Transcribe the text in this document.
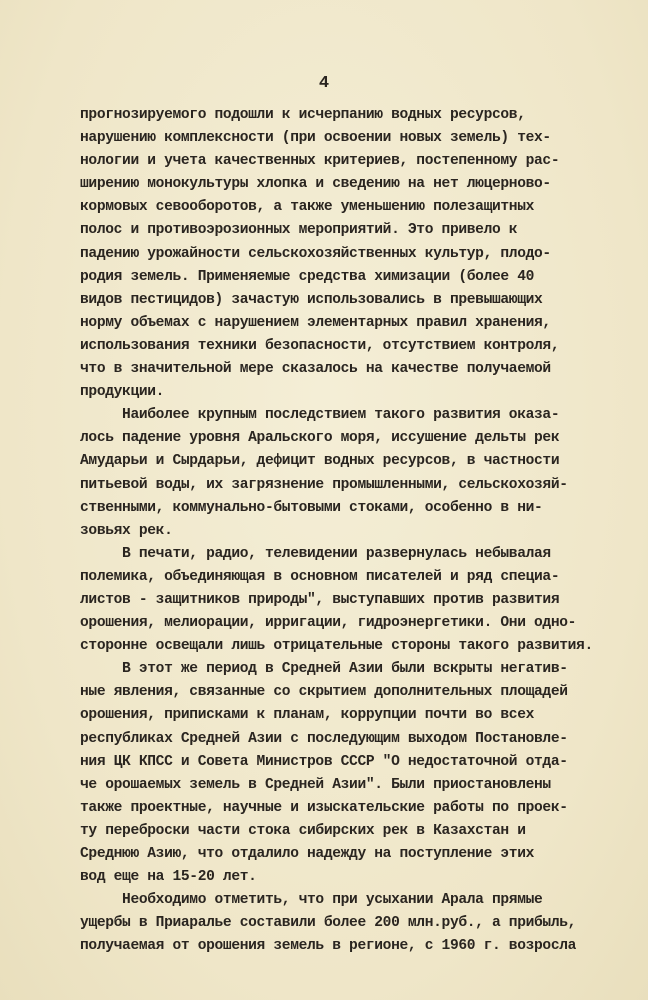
4
прогнозируемого подошли к исчерпанию водных ресурсов,
нарушению комплексности (при освоении новых земель) тех-
нологии и учета качественных критериев, постепенному рас-
ширению монокультуры хлопка и сведению на нет люцерново-
кормовых севооборотов, а также уменьшению полезащитных
полос и противоэрозионных мероприятий. Это привело к
падению урожайности сельскохозяйственных культур, плодо-
родия земель. Применяемые средства химизации (более 40
видов пестицидов) зачастую использовались в превышающих
норму объемах с нарушением элементарных правил хранения,
использования техники безопасности, отсутствием контроля,
что в значительной мере сказалось на качестве получаемой
продукции.
Наиболее крупным последствием такого развития оказа-
лось падение уровня Аральского моря, иссушение дельты рек
Амударьи и Сырдарьи, дефицит водных ресурсов, в частности
питьевой воды, их загрязнение промышленными, сельскохозяй-
ственными, коммунально-бытовыми стоками, особенно в ни-
зовьях рек.
В печати, радио, телевидении развернулась небывалая
полемика, объединяющая в основном писателей и ряд специа-
листов - защитников природы", выступавших против развития
орошения, мелиорации, ирригации, гидроэнергетики. Они одно-
сторонне освещали лишь отрицательные стороны такого развития.
В этот же период в Средней Азии были вскрыты негатив-
ные явления, связанные со скрытием дополнительных площадей
орошения, приписками к планам, коррупции почти во всех
республиках Средней Азии с последующим выходом Постановле-
ния ЦК КПСС и Совета Министров СССР "О недостаточной отда-
че орошаемых земель в Средней Азии". Были приостановлены
также проектные, научные и изыскательские работы по проек-
ту переброски части стока сибирских рек в Казахстан и
Среднюю Азию, что отдалило надежду на поступление этих
вод еще на 15-20 лет.
Необходимо отметить, что при усыхании Арала прямые
ущербы в Приаралье составили более 200 млн.руб., а прибыль,
получаемая от орошения земель в регионе, с 1960 г. возросла
